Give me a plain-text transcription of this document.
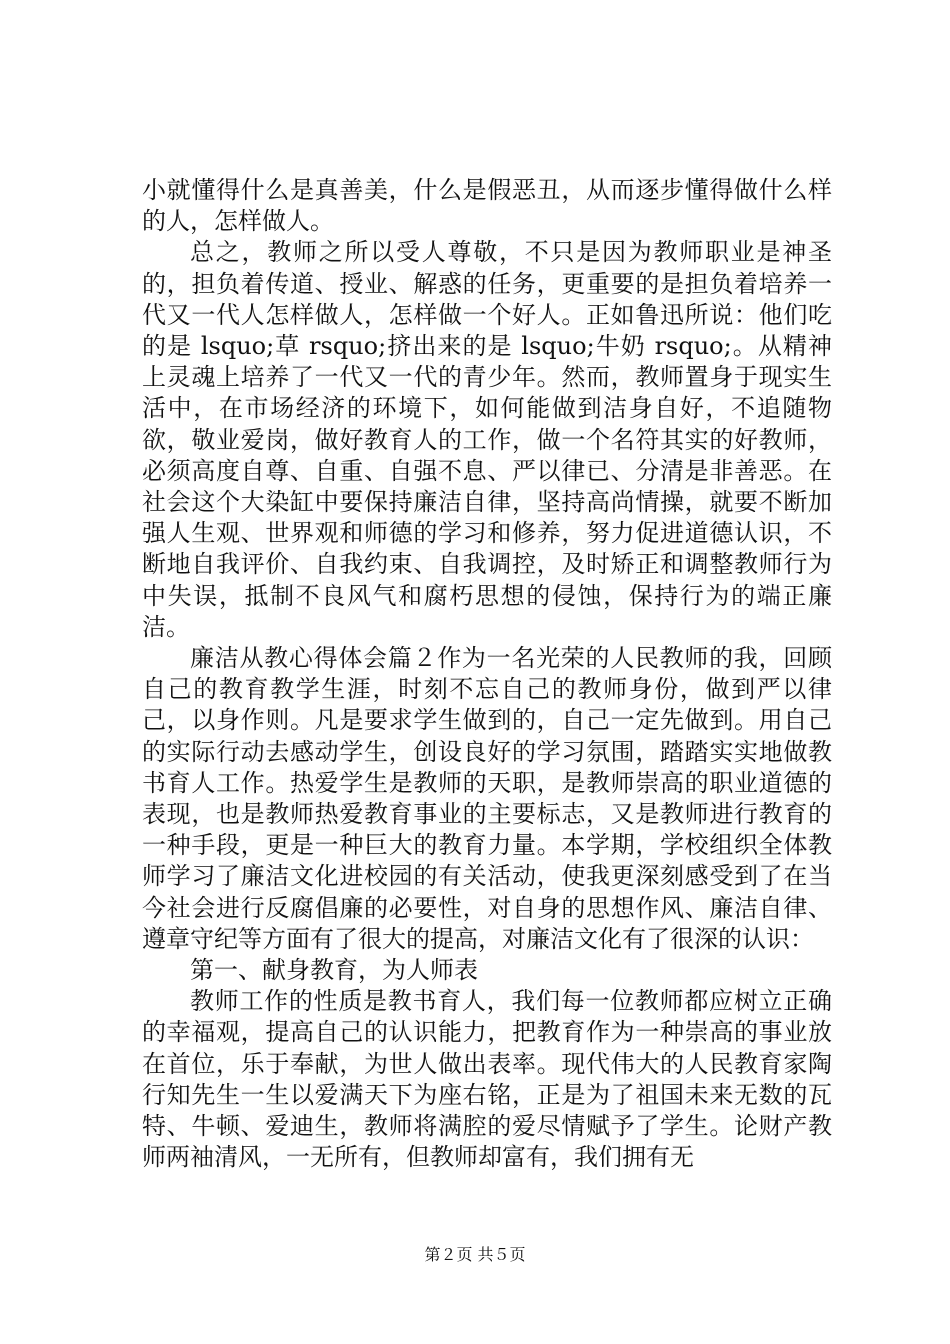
小就懂得什么是真善美，什么是假恶丑，从而逐步懂得做什么样的人，怎样做人。

总之，教师之所以受人尊敬，不只是因为教师职业是神圣的，担负着传道、授业、解惑的任务，更重要的是担负着培养一代又一代人怎样做人，怎样做一个好人。正如鲁迅所说：他们吃的是 lsquo;草 rsquo;挤出来的是 lsquo;牛奶 rsquo;。从精神上灵魂上培养了一代又一代的青少年。然而，教师置身于现实生活中，在市场经济的环境下，如何能做到洁身自好，不追随物欲，敬业爱岗，做好教育人的工作，做一个名符其实的好教师，必须高度自尊、自重、自强不息、严以律已、分清是非善恶。在社会这个大染缸中要保持廉洁自律，坚持高尚情操，就要不断加强人生观、世界观和师德的学习和修养，努力促进道德认识，不断地自我评价、自我约束、自我调控，及时矫正和调整教师行为中失误，抵制不良风气和腐朽思想的侵蚀，保持行为的端正廉洁。

廉洁从教心得体会篇２作为一名光荣的人民教师的我，回顾自己的教育教学生涯，时刻不忘自己的教师身份，做到严以律己，以身作则。凡是要求学生做到的，自己一定先做到。用自己的实际行动去感动学生，创设良好的学习氛围，踏踏实实地做教书育人工作。热爱学生是教师的天职，是教师崇高的职业道德的表现，也是教师热爱教育事业的主要标志，又是教师进行教育的一种手段，更是一种巨大的教育力量。本学期，学校组织全体教师学习了廉洁文化进校园的有关活动，使我更深刻感受到了在当今社会进行反腐倡廉的必要性，对自身的思想作风、廉洁自律、遵章守纪等方面有了很大的提高，对廉洁文化有了很深的认识：

第一、献身教育，为人师表

教师工作的性质是教书育人，我们每一位教师都应树立正确的幸福观，提高自己的认识能力，把教育作为一种崇高的事业放在首位，乐于奉献，为世人做出表率。现代伟大的人民教育家陶行知先生一生以爱满天下为座右铭，正是为了祖国未来无数的瓦特、牛顿、爱迪生，教师将满腔的爱尽情赋予了学生。论财产教师两袖清风，一无所有，但教师却富有，我们拥有无

第２页 共５页
